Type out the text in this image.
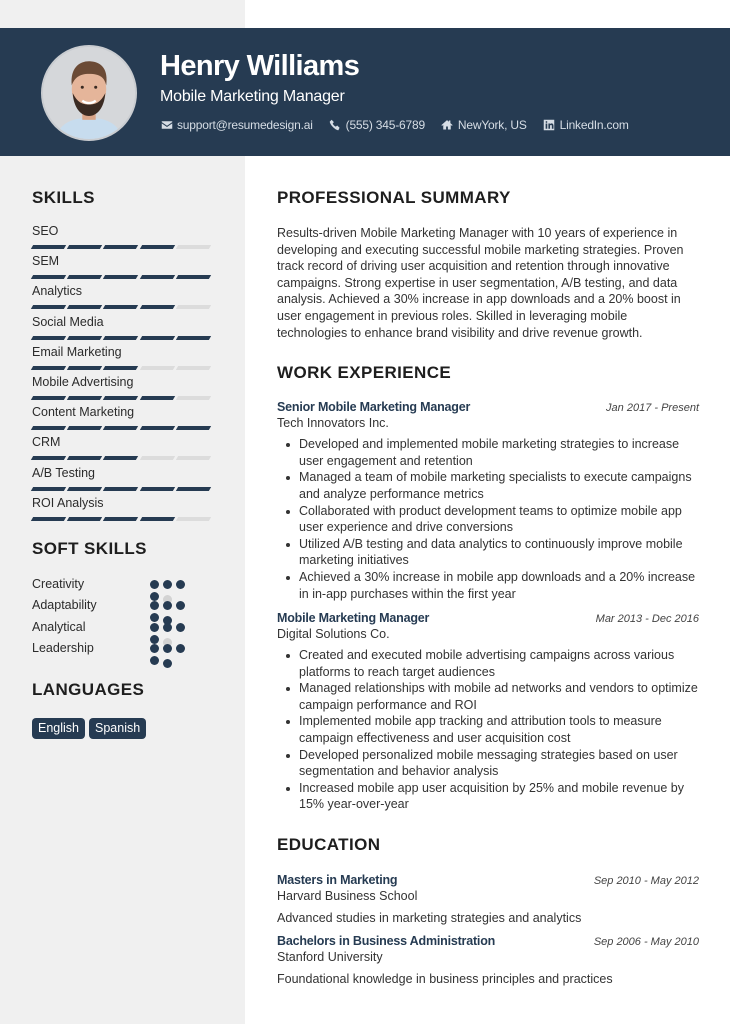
Henry Williams
Mobile Marketing Manager
support@resumedesign.ai	(555) 345-6789	NewYork, US	LinkedIn.com
SKILLS
SEO
SEM
Analytics
Social Media
Email Marketing
Mobile Advertising
Content Marketing
CRM
A/B Testing
ROI Analysis
SOFT SKILLS
Creativity
Adaptability
Analytical
Leadership
LANGUAGES
English	Spanish
PROFESSIONAL SUMMARY

Results-driven Mobile Marketing Manager with 10 years of experience in developing and executing successful mobile marketing strategies. Proven track record of driving user acquisition and retention through innovative campaigns. Strong expertise in user segmentation, A/B testing, and data analysis. Achieved a 30% increase in app downloads and a 20% boost in user engagement in previous roles. Skilled in leveraging mobile technologies to enhance brand visibility and drive revenue growth.

WORK EXPERIENCE
Senior Mobile Marketing Manager	Jan 2017 - Present
Tech Innovators Inc.
Developed and implemented mobile marketing strategies to increase user engagement and retention
Managed a team of mobile marketing specialists to execute campaigns and analyze performance metrics
Collaborated with product development teams to optimize mobile app user experience and drive conversions
Utilized A/B testing and data analytics to continuously improve mobile marketing initiatives
Achieved a 30% increase in mobile app downloads and a 20% increase in in-app purchases within the first year
Mobile Marketing Manager	Mar 2013 - Dec 2016
Digital Solutions Co.
Created and executed mobile advertising campaigns across various platforms to reach target audiences
Managed relationships with mobile ad networks and vendors to optimize campaign performance and ROI
Implemented mobile app tracking and attribution tools to measure campaign effectiveness and user acquisition cost
Developed personalized mobile messaging strategies based on user segmentation and behavior analysis
Increased mobile app user acquisition by 25% and mobile revenue by 15% year-over-year
EDUCATION
Masters in Marketing	Sep 2010 - May 2012
Harvard Business School
Advanced studies in marketing strategies and analytics
Bachelors in Business Administration	Sep 2006 - May 2010
Stanford University
Foundational knowledge in business principles and practices
